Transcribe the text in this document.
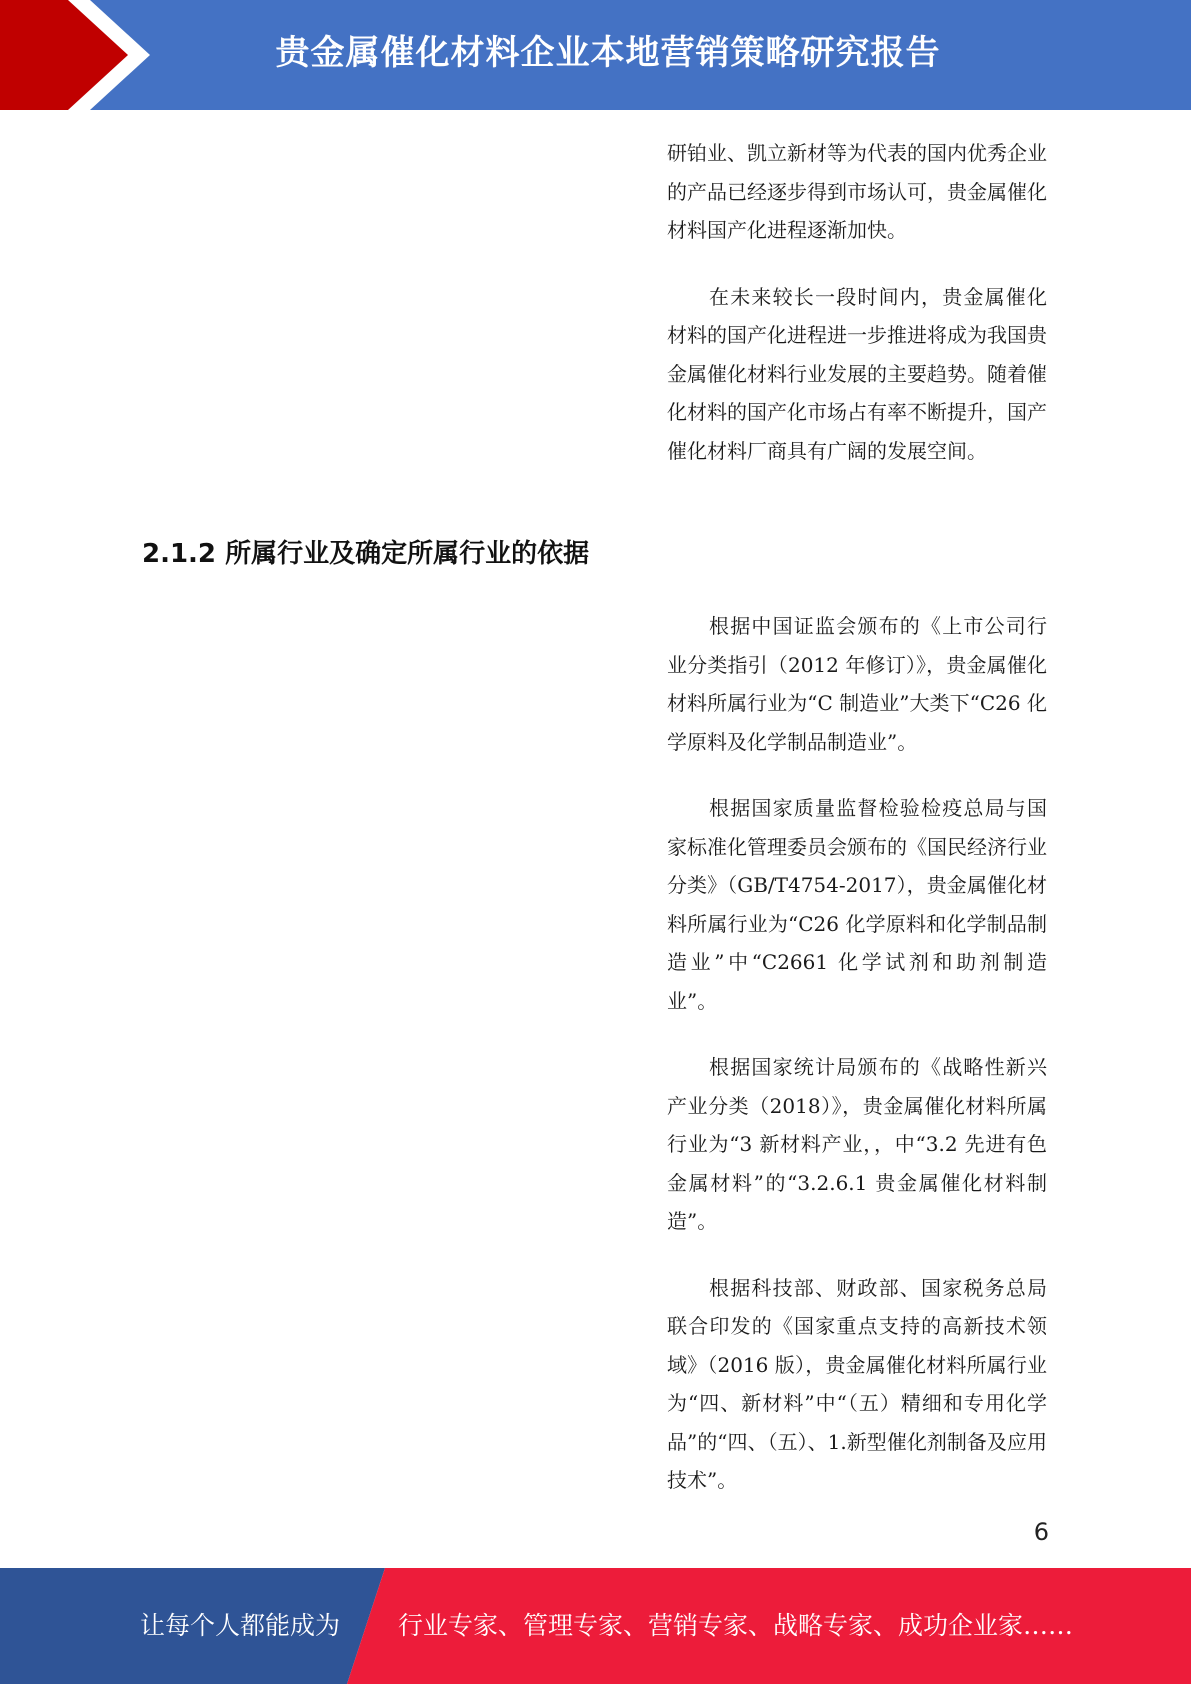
贵金属催化材料企业本地营销策略研究报告

研铂业、凯立新材等为代表的国内优秀企业的产品已经逐步得到市场认可，贵金属催化材料国产化进程逐渐加快。

在未来较长一段时间内，贵金属催化材料的国产化进程进一步推进将成为我国贵金属催化材料行业发展的主要趋势。随着催化材料的国产化市场占有率不断提升，国产催化材料厂商具有广阔的发展空间。

2.1.2 所属行业及确定所属行业的依据

根据中国证监会颁布的《上市公司行业分类指引（2012 年修订）》，贵金属催化材料所属行业为“C 制造业”大类下“C26 化学原料及化学制品制造业”。

根据国家质量监督检验检疫总局与国家标准化管理委员会颁布的《国民经济行业分类》（GB/T4754-2017），贵金属催化材料所属行业为“C26 化学原料和化学制品制造业”中“C2661 化学试剂和助剂制造业”。

根据国家统计局颁布的《战略性新兴产业分类（2018）》，贵金属催化材料所属行业为“3 新材料产业，，中“3.2 先进有色金属材料”的“3.2.6.1 贵金属催化材料制造”。

根据科技部、财政部、国家税务总局联合印发的《国家重点支持的高新技术领域》（2016 版），贵金属催化材料所属行业为“四、新材料”中“（五）精细和专用化学品”的“四、（五）、1.新型催化剂制备及应用技术”。

6
让每个人都能成为	行业专家、管理专家、营销专家、战略专家、成功企业家……
